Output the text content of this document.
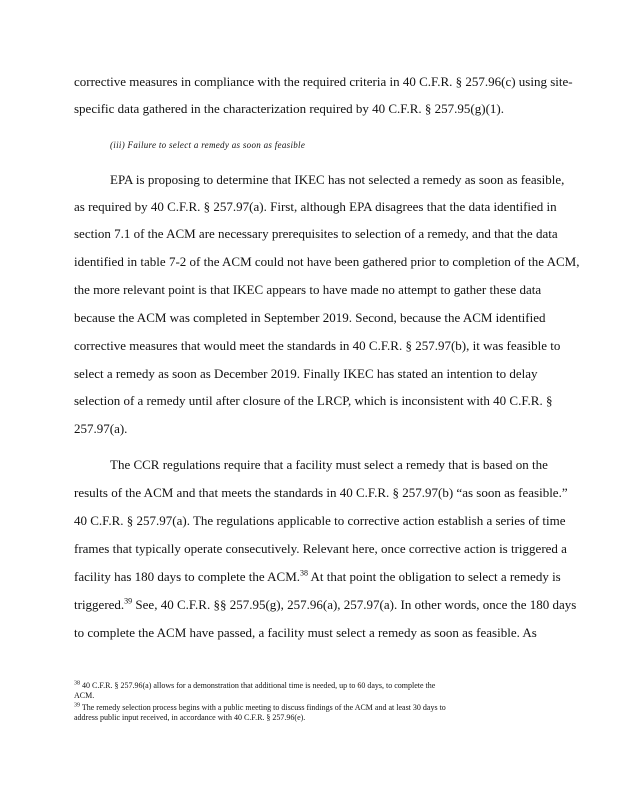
corrective measures in compliance with the required criteria in 40 C.F.R. § 257.96(c) using site-
specific data gathered in the characterization required by 40 C.F.R. § 257.95(g)(1).
(iii) Failure to select a remedy as soon as feasible
EPA is proposing to determine that IKEC has not selected a remedy as soon as feasible,
as required by 40 C.F.R. § 257.97(a). First, although EPA disagrees that the data identified in
section 7.1 of the ACM are necessary prerequisites to selection of a remedy, and that the data
identified in table 7-2 of the ACM could not have been gathered prior to completion of the ACM,
the more relevant point is that IKEC appears to have made no attempt to gather these data
because the ACM was completed in September 2019. Second, because the ACM identified
corrective measures that would meet the standards in 40 C.F.R. § 257.97(b), it was feasible to
select a remedy as soon as December 2019. Finally IKEC has stated an intention to delay
selection of a remedy until after closure of the LRCP, which is inconsistent with 40 C.F.R. §
257.97(a).
The CCR regulations require that a facility must select a remedy that is based on the
results of the ACM and that meets the standards in 40 C.F.R. § 257.97(b) “as soon as feasible.”
40 C.F.R. § 257.97(a). The regulations applicable to corrective action establish a series of time
frames that typically operate consecutively. Relevant here, once corrective action is triggered a
facility has 180 days to complete the ACM.$^{38}$ At that point the obligation to select a remedy is
triggered.$^{39}$ See, 40 C.F.R. §§ 257.95(g), 257.96(a), 257.97(a). In other words, once the 180 days
to complete the ACM have passed, a facility must select a remedy as soon as feasible. As
$^{38}$ 40 C.F.R. § 257.96(a) allows for a demonstration that additional time is needed, up to 60 days, to complete the
ACM.
$^{39}$ The remedy selection process begins with a public meeting to discuss findings of the ACM and at least 30 days to
address public input received, in accordance with 40 C.F.R. § 257.96(e).
